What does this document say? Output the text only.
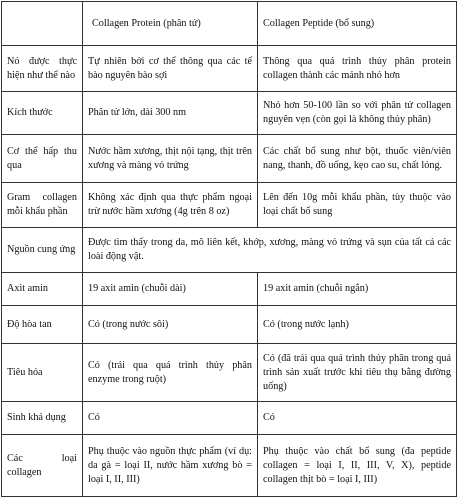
	Collagen Protein (phân tử)	Collagen Peptide (bổ sung)
Nó được thực hiện như thế nào	Tự nhiên bởi cơ thể thông qua các tế bào nguyên bào sợi	Thông qua quá trình thủy phân protein collagen thành các mảnh nhỏ hơn
Kích thước	Phân tử lớn, dài 300 nm	Nhỏ hơn 50-100 lần so với phân tử collagen nguyên vẹn (còn gọi là không thủy phân)
Cơ thể hấp thu qua	Nước hầm xương, thịt nội tạng, thịt trên xương và màng vỏ trứng	Các chất bổ sung như bột, thuốc viên/viên nang, thanh, đồ uống, kẹo cao su, chất lỏng.
Gram collagen mỗi khẩu phần	Không xác định qua thực phẩm ngoại trừ nước hầm xương (4g trên 8 oz)	Lên đến 10g mỗi khẩu phần, tùy thuộc vào loại chất bổ sung
Nguồn cung ứng	Được tìm thấy trong da, mô liên kết, khớp, xương, màng vỏ trứng và sụn của tất cả các loài động vật.	
Axit amin	19 axit amin (chuỗi dài)	19 axit amin (chuỗi ngắn)
Độ hòa tan	Có (trong nước sôi)	Có (trong nước lạnh)
Tiêu hóa	Có (trải qua quá trình thủy phân enzyme trong ruột)	Có (đã trải qua quá trình thủy phân trong quá trình sản xuất trước khi tiêu thụ bằng đường uống)
Sinh khả dụng	Có	Có
Các loại collagen	Phụ thuộc vào nguồn thực phẩm (ví dụ: da gà = loại II, nước hầm xương bò = loại I, II, III)	Phụ thuộc vào chất bổ sung (đa peptide collagen = loại I, II, III, V, X), peptide collagen thịt bò = loại I, III)
